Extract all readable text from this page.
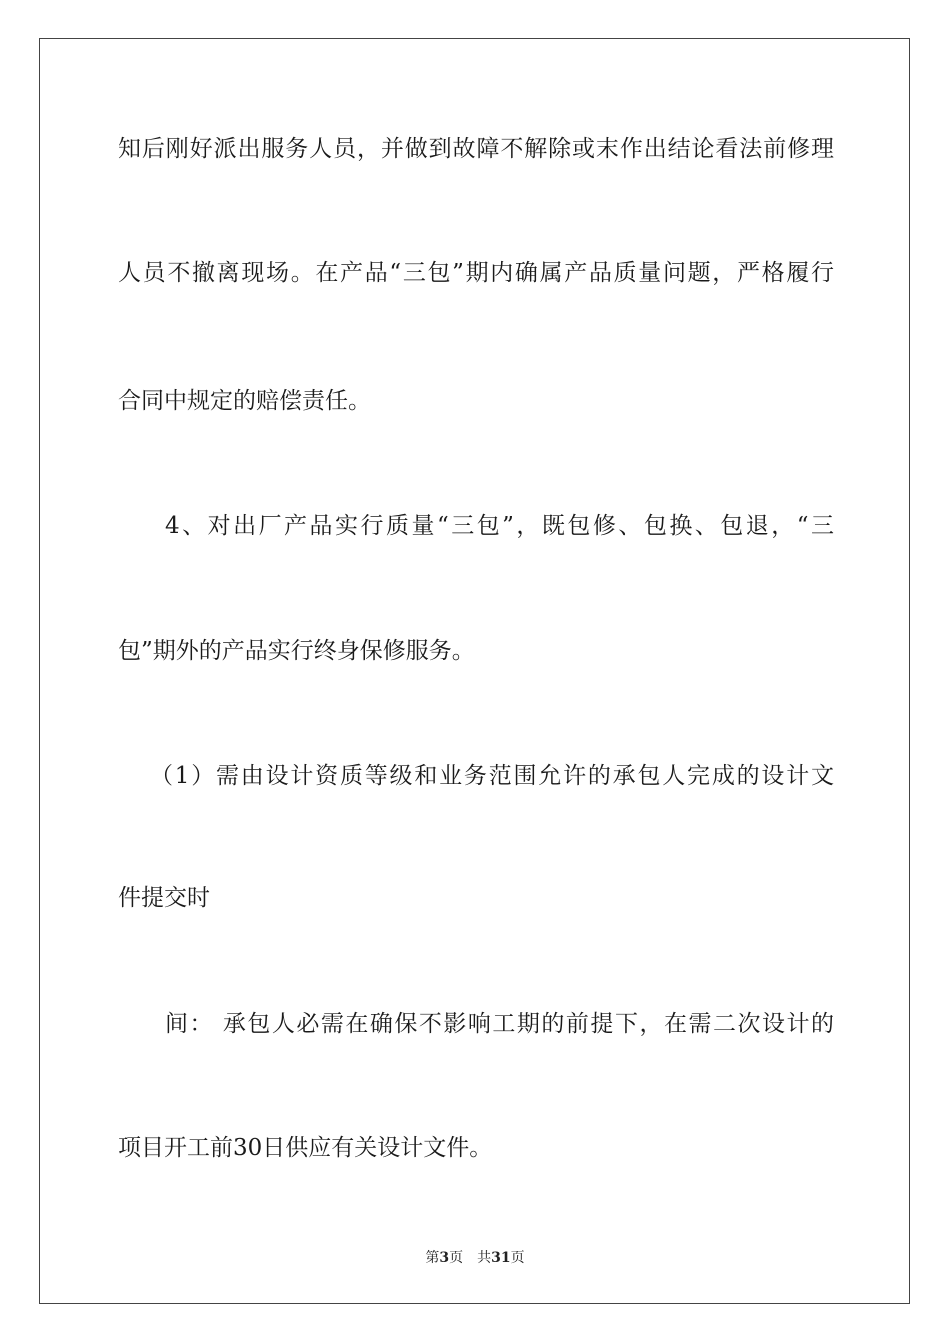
知后刚好派出服务人员，并做到故障不解除或末作出结论看法前修理
人员不撤离现场。在产品“三包”期内确属产品质量问题，严格履行
合同中规定的赔偿责任。
4、对出厂产品实行质量“三包”，既包修、包换、包退，“三
包”期外的产品实行终身保修服务。
（1）需由设计资质等级和业务范围允许的承包人完成的设计文
件提交时
间： 承包人必需在确保不影响工期的前提下，在需二次设计的
项目开工前30日供应有关设计文件。
第3页 共31页
